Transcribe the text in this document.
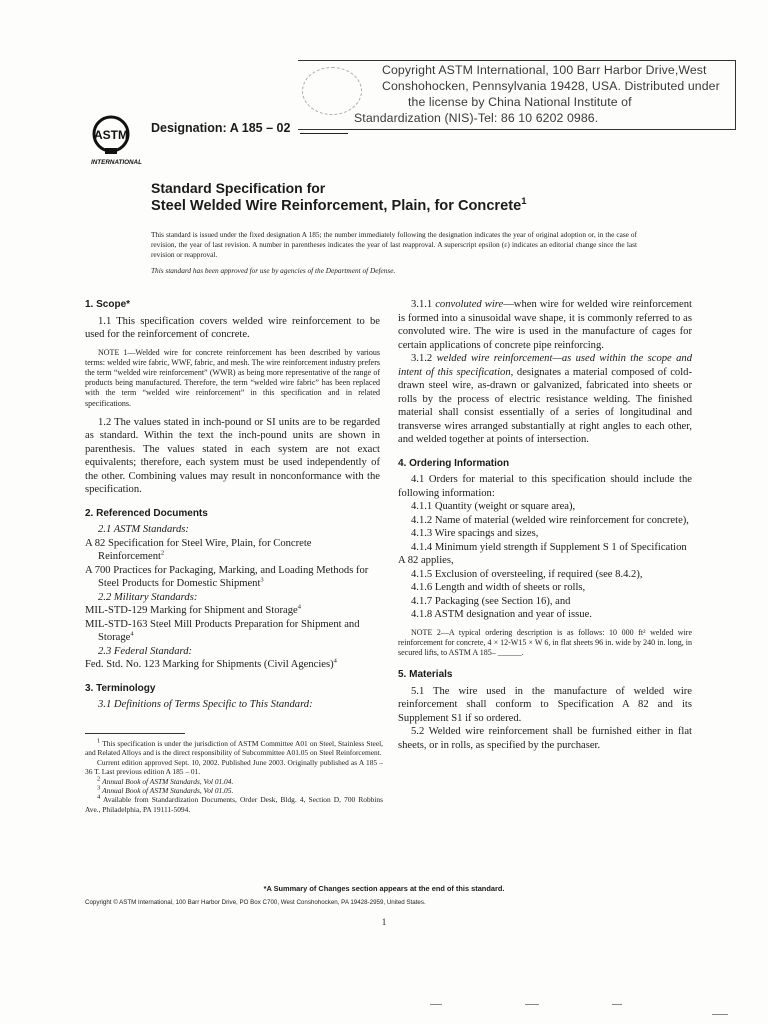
Copyright ASTM International, 100 Barr Harbor Drive,West
Conshohocken, Pennsylvania 19428, USA. Distributed under
the license by China National Institute of
Standardization (NIS)-Tel: 86 10 6202 0986.
ASTM
INTERNATIONAL
Designation: A 185 – 02
Standard Specification for
Steel Welded Wire Reinforcement, Plain, for Concrete$^1$
This standard is issued under the fixed designation A 185; the number immediately following the designation indicates the year of original adoption or, in the case of revision, the year of last revision. A number in parentheses indicates the year of last reapproval. A superscript epsilon (ε) indicates an editorial change since the last revision or reapproval.
This standard has been approved for use by agencies of the Department of Defense.
1. Scope*

1.1 This specification covers welded wire reinforcement to be used for the reinforcement of concrete.

NOTE 1—Welded wire for concrete reinforcement has been described by various terms: welded wire fabric, WWF, fabric, and mesh. The wire reinforcement industry prefers the term “welded wire reinforcement” (WWR) as being more representative of the range of products being manufactured. Therefore, the term “welded wire fabric” has been replaced with the term “welded wire reinforcement” in this specification and in related specifications.

1.2 The values stated in inch-pound or SI units are to be regarded as standard. Within the text the inch-pound units are shown in parenthesis. The values stated in each system are not exact equivalents; therefore, each system must be used independently of the other. Combining values may result in nonconformance with the specification.

2. Referenced Documents
2.1 ASTM Standards:
A 82 Specification for Steel Wire, Plain, for Concrete Reinforcement$^2$
A 700 Practices for Packaging, Marking, and Loading Methods for Steel Products for Domestic Shipment$^3$
2.2 Military Standards:
MIL-STD-129 Marking for Shipment and Storage$^4$
MIL-STD-163 Steel Mill Products Preparation for Shipment and Storage$^4$
2.3 Federal Standard:
Fed. Std. No. 123 Marking for Shipments (Civil Agencies)$^4$
3. Terminology
3.1 Definitions of Terms Specific to This Standard:
$^1$ This specification is under the jurisdiction of ASTM Committee A01 on Steel, Stainless Steel, and Related Alloys and is the direct responsibility of Subcommittee A01.05 on Steel Reinforcement.
Current edition approved Sept. 10, 2002. Published June 2003. Originally published as A 185 – 36 T. Last previous edition A 185 – 01.
$^2$ Annual Book of ASTM Standards, Vol 01.04.
$^3$ Annual Book of ASTM Standards, Vol 01.05.
$^4$ Available from Standardization Documents, Order Desk, Bldg. 4, Section D, 700 Robbins Ave., Philadelphia, PA 19111-5094.

3.1.1 convoluted wire—when wire for welded wire reinforcement is formed into a sinusoidal wave shape, it is commonly referred to as convoluted wire. The wire is used in the manufacture of cages for certain applications of concrete pipe reinforcing.

3.1.2 welded wire reinforcement—as used within the scope and intent of this specification, designates a material composed of cold-drawn steel wire, as-drawn or galvanized, fabricated into sheets or rolls by the process of electric resistance welding. The finished material shall consist essentially of a series of longitudinal and transverse wires arranged substantially at right angles to each other, and welded together at points of intersection.

4. Ordering Information

4.1 Orders for material to this specification should include the following information:

4.1.1 Quantity (weight or square area),
4.1.2 Name of material (welded wire reinforcement for concrete),
4.1.3 Wire spacings and sizes,
4.1.4 Minimum yield strength if Supplement S 1 of Specification A 82 applies,
4.1.5 Exclusion of oversteeling, if required (see 8.4.2),
4.1.6 Length and width of sheets or rolls,
4.1.7 Packaging (see Section 16), and
4.1.8 ASTM designation and year of issue.
NOTE 2—A typical ordering description is as follows: 10 000 ft² welded wire reinforcement for concrete, 4 × 12-W15 × W 6, in flat sheets 96 in. wide by 240 in. long, in secured lifts, to ASTM A 185– ______.
5. Materials

5.1 The wire used in the manufacture of welded wire reinforcement shall conform to Specification A 82 and its Supplement S1 if so ordered.

5.2 Welded wire reinforcement shall be furnished either in flat sheets, or in rolls, as specified by the purchaser.

*A Summary of Changes section appears at the end of this standard.
Copyright © ASTM International, 100 Barr Harbor Drive, PO Box C700, West Conshohocken, PA 19428-2959, United States.
1
